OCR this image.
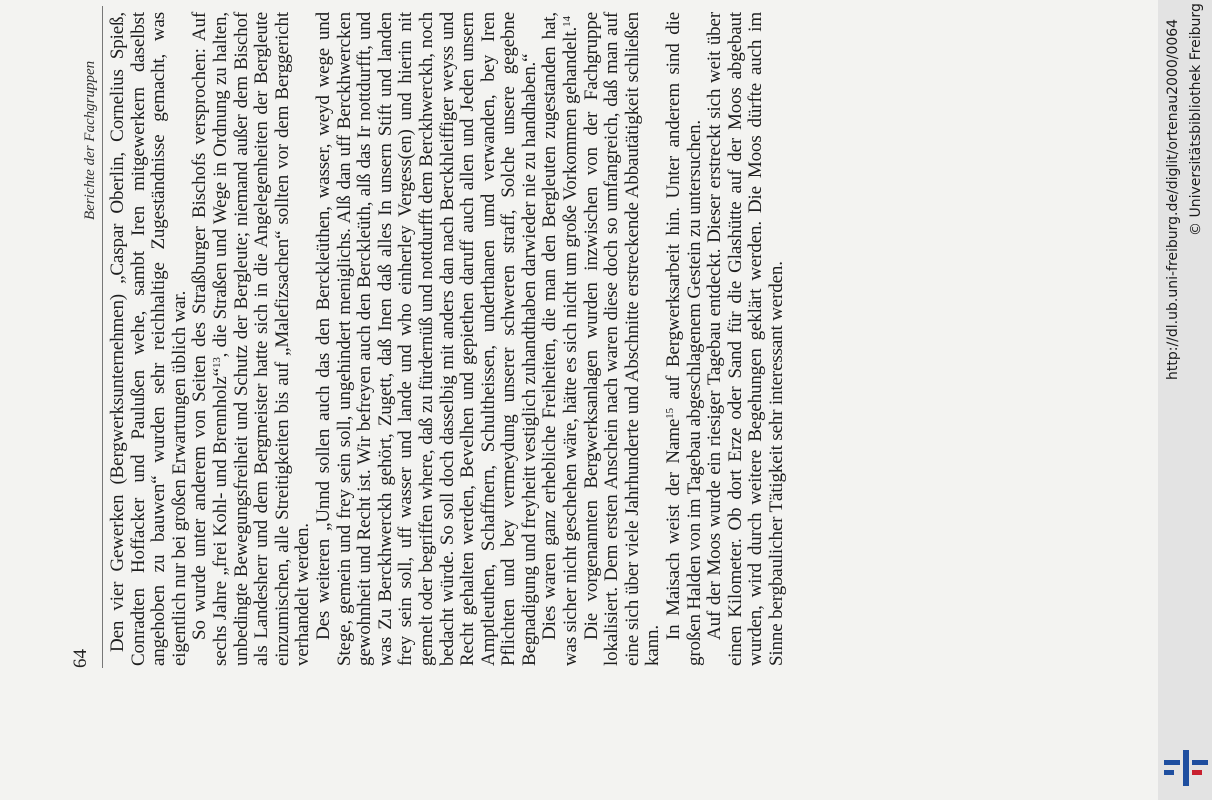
64
Berichte der Fachgruppen Den vier Gewerken (Bergwerksunternehmen) „Caspar Oberlin, Cornelius Spieß, Conradten Hoffacker und Paulußen wehe, sambt Iren mitgewerkern daselbst angehoben zu bauwen“ wurden sehr reichhaltige Zugeständnisse gemacht, was eigentlich nur bei großen Erwartungen üblich war. So wurde unter anderem von Seiten des Straßburger Bischofs versprochen: Auf sechs Jahre „frei Kohl- und Brennholz“$^{13}$, die Straßen und Wege in Ordnung zu halten, unbedingte Bewegungsfreiheit und Schutz der Bergleute; niemand außer dem Bischof als Landesherr und dem Bergmeister hatte sich in die Angelegenheiten der Bergleute einzumischen, alle Streitigkeiten bis auf „Malefizsachen“ sollten vor dem Berggericht verhandelt werden. Des weiteren „Unnd sollen auch das den Berckleüthen, wasser, weyd wege und Stege, gemein und frey sein soll, ungehindert meniglichs. Alß dan uff Berckhwercken gewohnheit und Recht ist. Wir befreyen auch den Berckleüth, alß das Ir nottdurfft, und was Zu Berckhwerckh gehört, Zugett, daß Inen daß alles In unsern Stift und landen frey sein soll, uff wasser und lande und who einherley Vergess(en) und hierin nit gemelt oder begriffen where, daß zu fürdernüß und nottdurfft dem Berckhwerckh, noch bedacht würde. So soll doch dasselbig mit anders dan nach Berckhleiffiger weyss und Recht gehalten werden, Bevelhen und gepiethen daruff auch allen und Jeden unsern Amptleuthen, Schaffnern, Schultheissen, underthanen umd verwanden, bey Iren Pflichten und bey vermeydung unserer schweren straff, Solche unsere gegebne Begnadigung und freyheitt vestiglich zuhandthaben darwieder nie zu handhaben.“ Dies waren ganz erhebliche Freiheiten, die man den Bergleuten zugestanden hat, was sicher nicht geschehen wäre, hätte es sich nicht um große Vorkommen gehandelt.$^{14}$ Die vorgenannten Bergwerksanlagen wurden inzwischen von der Fachgruppe lokalisiert. Dem ersten Anschein nach waren diese doch so umfangreich, daß man auf eine sich über viele Jahrhunderte und Abschnitte erstreckende Abbautätigkeit schließen kann.

In Maisach weist der Name$^{15}$ auf Bergwerksarbeit hin. Unter anderem sind die großen Halden von im Tagebau abgeschlagenem Gestein zu untersuchen. Auf der Moos wurde ein riesiger Tagebau entdeckt. Dieser erstreckt sich weit über einen Kilometer. Ob dort Erze oder Sand für die Glashütte auf der Moos abgebaut wurden, wird durch weitere Begehungen geklärt werden. Die Moos dürfte auch im Sinne bergbaulicher Tätigkeit sehr interessant werden.

http://dl.ub.uni-freiburg.de/diglit/ortenau2000/0064 © Universitätsbibliothek Freiburg
